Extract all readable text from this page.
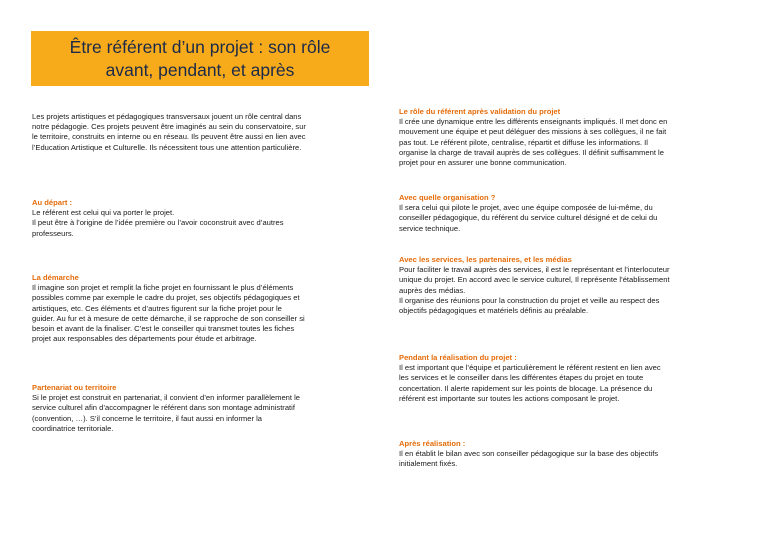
Être référent d’un projet : son rôle
avant, pendant, et après
Les projets artistiques et pédagogiques transversaux jouent un rôle central dans
notre pédagogie. Ces projets peuvent être imaginés au sein du conservatoire, sur
le territoire, construits en interne ou en réseau. Ils peuvent être aussi en lien avec
l’Education Artistique et Culturelle. Ils nécessitent tous une attention particulière.
Au départ :
Le référent est celui qui va porter le projet.
Il peut être à l’origine de l’idée première ou l’avoir coconstruit avec d’autres
professeurs.
La démarche
Il imagine son projet et remplit la fiche projet en fournissant le plus d’éléments
possibles comme par exemple le cadre du projet, ses objectifs pédagogiques et
artistiques, etc. Ces éléments et d’autres figurent sur la fiche projet pour le
guider. Au fur et à mesure de cette démarche, il se rapproche de son conseiller si
besoin et avant de la finaliser. C’est le conseiller qui transmet toutes les fiches
projet aux responsables des départements pour étude et arbitrage.
Partenariat ou territoire
Si le projet est construit en partenariat, il convient d’en informer parallèlement le
service culturel afin d’accompagner le référent dans son montage administratif
(convention, …). S’il concerne le territoire, il faut aussi en informer la
coordinatrice territoriale.
Le rôle du référent après validation du projet
Il crée une dynamique entre les différents enseignants impliqués. Il met donc en
mouvement une équipe et peut déléguer des missions à ses collègues, il ne fait
pas tout. Le référent pilote, centralise, répartit et diffuse les informations. Il
organise la charge de travail auprès de ses collègues. Il définit suffisamment le
projet pour en assurer une bonne communication.
Avec quelle organisation ?
Il sera celui qui pilote le projet, avec une équipe composée de lui-même, du
conseiller pédagogique, du référent du service culturel désigné et de celui du
service technique.
Avec les services, les partenaires, et les médias
Pour faciliter le travail auprès des services, il est le représentant et l’interlocuteur
unique du projet. En accord avec le service culturel, Il représente l’établissement
auprès des médias.
Il organise des réunions pour la construction du projet et veille au respect des
objectifs pédagogiques et matériels définis au préalable.
Pendant la réalisation du projet :
Il est important que l’équipe et particulièrement le référent restent en lien avec
les services et le conseiller dans les différentes étapes du projet en toute
concertation. Il alerte rapidement sur les points de blocage. La présence du
référent est importante sur toutes les actions composant le projet.
Après réalisation :
Il en établit le bilan avec son conseiller pédagogique sur la base des objectifs
initialement fixés.
